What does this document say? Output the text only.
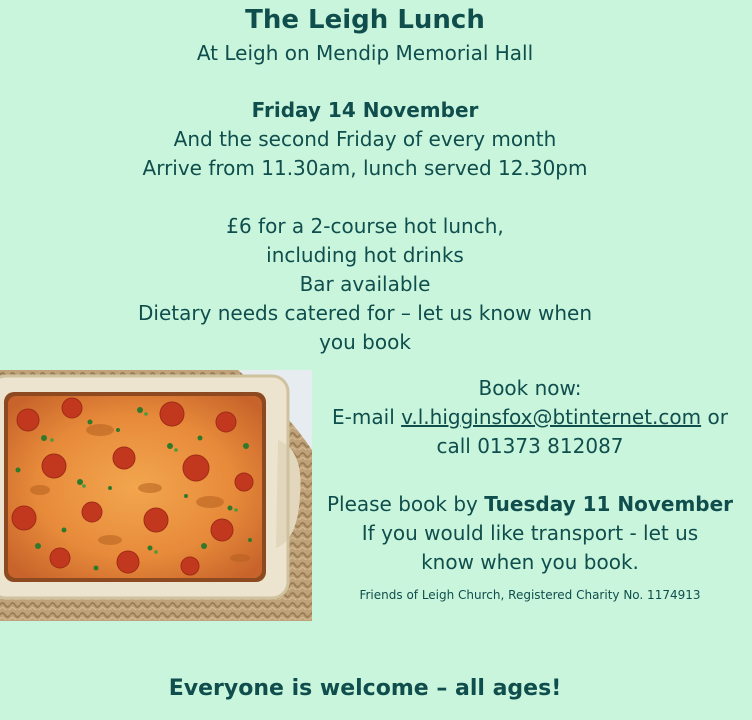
The Leigh Lunch
At Leigh on Mendip Memorial Hall
Friday 14 November
And the second Friday of every month
Arrive from 11.30am, lunch served 12.30pm
£6 for a 2-course hot lunch,
including hot drinks
Bar available
Dietary needs catered for – let us know when
you book
Book now:
E-mail v.l.higginsfox@btinternet.com or
call 01373 812087
Please book by Tuesday 11 November
If you would like transport - let us
know when you book.
Friends of Leigh Church, Registered Charity No. 1174913
Everyone is welcome – all ages!
